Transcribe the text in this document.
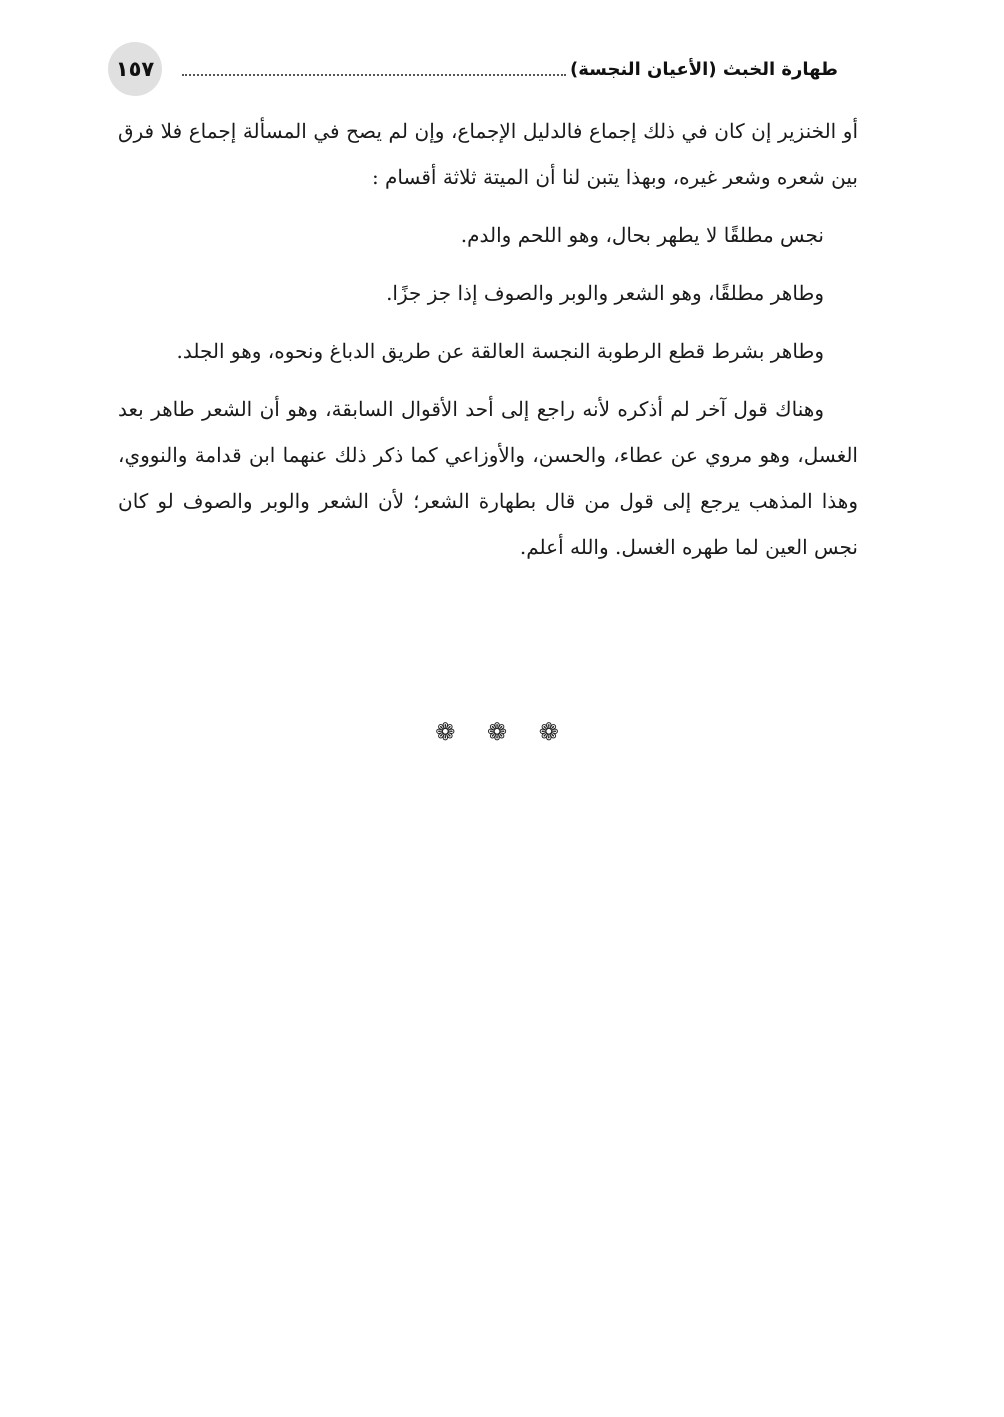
١٥٧	طهارة الخبث (الأعيان النجسة)

أو الخنزير إن كان في ذلك إجماع فالدليل الإجماع، وإن لم يصح في المسألة إجماع فلا فرق بين شعره وشعر غيره، وبهذا يتبن لنا أن الميتة ثلاثة أقسام :

نجس مطلقًا لا يطهر بحال، وهو اللحم والدم.

وطاهر مطلقًا، وهو الشعر والوبر والصوف إذا جز جزًا.

وطاهر بشرط قطع الرطوبة النجسة العالقة عن طريق الدباغ ونحوه، وهو الجلد.

وهناك قول آخر لم أذكره لأنه راجع إلى أحد الأقوال السابقة، وهو أن الشعر طاهر بعد الغسل، وهو مروي عن عطاء، والحسن، والأوزاعي كما ذكر ذلك عنهما ابن قدامة والنووي، وهذا المذهب يرجع إلى قول من قال بطهارة الشعر؛ لأن الشعر والوبر والصوف لو كان نجس العين لما طهره الغسل. والله أعلم.

❁ ❁ ❁
